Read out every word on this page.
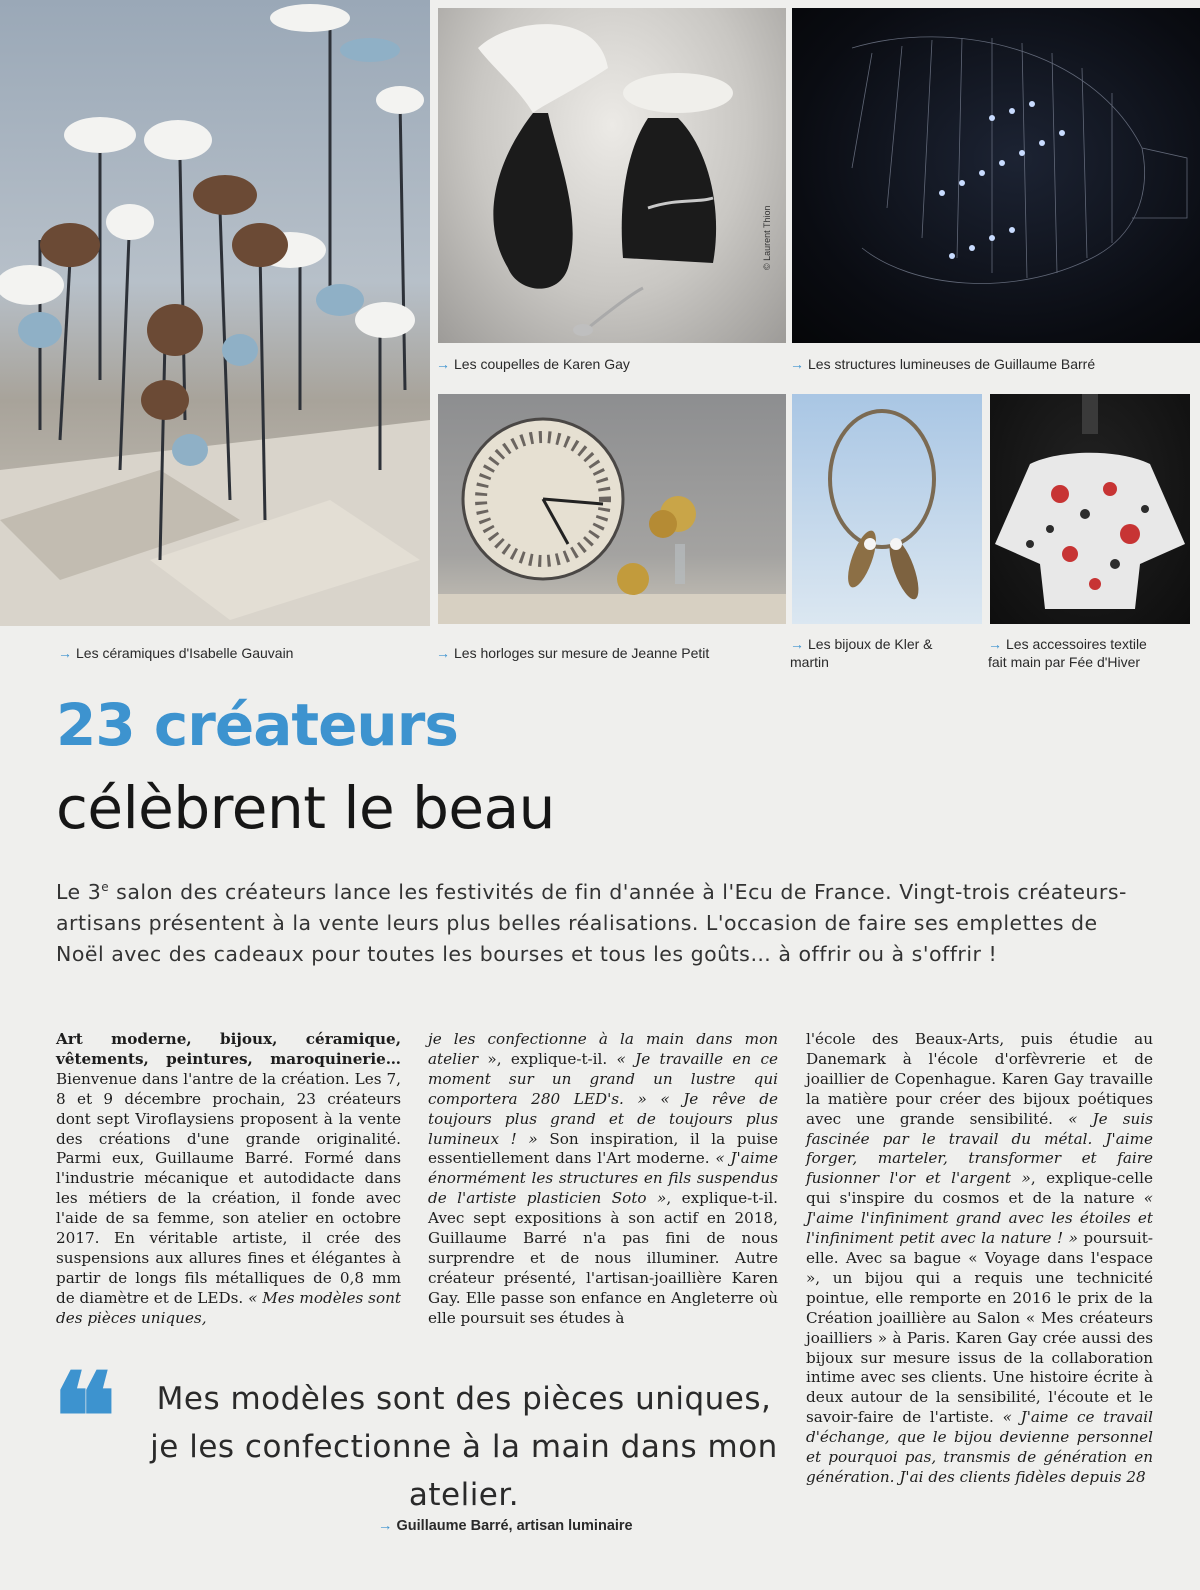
© Laurent Thion
→ Les coupelles de Karen Gay	→ Les structures lumineuses de Guillaume Barré
→ Les céramiques d'Isabelle Gauvain	→ Les horloges sur mesure de Jeanne Petit
→ Les bijoux de Kler &
martin
→ Les accessoires textile
fait main par Fée d'Hiver
23 créateurs
célèbrent le beau
Le 3e salon des créateurs lance les festivités de fin d'année à l'Ecu de France. Vingt-trois créateurs-artisans présentent à la vente leurs plus belles réalisations. L'occasion de faire ses emplettes de Noël avec des cadeaux pour toutes les bourses et tous les goûts… à offrir ou à s'offrir !
Art moderne, bijoux, céramique, vêtements, peintures, maroquinerie… Bienvenue dans l'antre de la création. Les 7, 8 et 9 décembre prochain, 23 créateurs dont sept Viroflaysiens proposent à la vente des créations d'une grande originalité. Parmi eux, Guillaume Barré. Formé dans l'industrie mécanique et autodidacte dans les métiers de la création, il fonde avec l'aide de sa femme, son atelier en octobre 2017. En véritable artiste, il crée des suspensions aux allures fines et élégantes à partir de longs fils métalliques de 0,8 mm de diamètre et de LEDs. « Mes modèles sont des pièces uniques,
je les confectionne à la main dans mon atelier », explique-t-il. « Je travaille en ce moment sur un grand un lustre qui comportera 280 LED's. » « Je rêve de toujours plus grand et de toujours plus lumineux ! » Son inspiration, il la puise essentiellement dans l'Art moderne. « J'aime énormément les structures en fils suspendus de l'artiste plasticien Soto », explique-t-il. Avec sept expositions à son actif en 2018, Guillaume Barré n'a pas fini de nous surprendre et de nous illuminer. Autre créateur présenté, l'artisan-joaillière Karen Gay. Elle passe son enfance en Angleterre où elle poursuit ses études à
l'école des Beaux-Arts, puis étudie au Danemark à l'école d'orfèvrerie et de joaillier de Copenhague. Karen Gay travaille la matière pour créer des bijoux poétiques avec une grande sensibilité. « Je suis fascinée par le travail du métal. J'aime forger, marteler, transformer et faire fusionner l'or et l'argent », explique-celle qui s'inspire du cosmos et de la nature « J'aime l'infiniment grand avec les étoiles et l'infiniment petit avec la nature ! » poursuit-elle. Avec sa bague « Voyage dans l'espace », un bijou qui a requis une technicité pointue, elle remporte en 2016 le prix de la Création joaillière au Salon « Mes créateurs joailliers » à Paris. Karen Gay crée aussi des bijoux sur mesure issus de la collaboration intime avec ses clients. Une histoire écrite à deux autour de la sensibilité, l'écoute et le savoir-faire de l'artiste. « J'aime ce travail d'échange, que le bijou devienne personnel et pourquoi pas, transmis de génération en génération. J'ai des clients fidèles depuis 28
❝ Mes modèles sont des pièces uniques, je les confectionne à la main dans mon atelier.
→ Guillaume Barré, artisan luminaire
